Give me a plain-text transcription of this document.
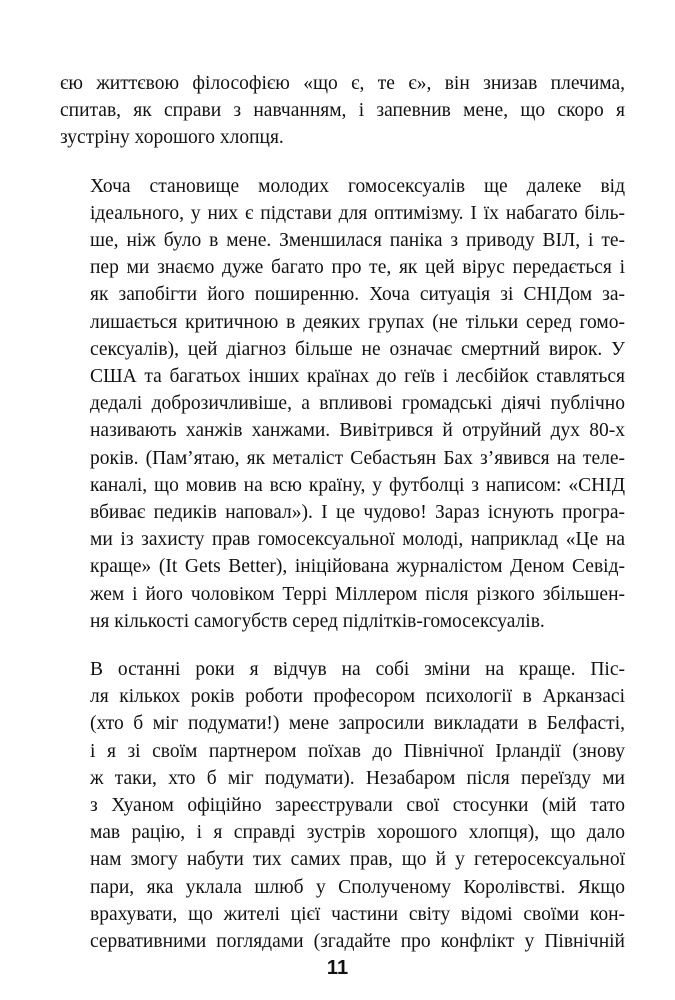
єю життєвою філософією «що є, те є», він знизав плечима,
спитав, як справи з навчанням, і запевнив мене, що скоро я
зустріну хорошого хлопця.

Хоча становище молодих гомосексуалів ще далеке від
ідеального, у них є підстави для оптимізму. І їх набагато біль-
ше, ніж було в мене. Зменшилася паніка з приводу ВІЛ, і те-
пер ми знаємо дуже багато про те, як цей вірус передається і
як запобігти його поширенню. Хоча ситуація зі СНІДом за-
лишається критичною в деяких групах (не тільки серед гомо-
сексуалів), цей діагноз більше не означає смертний вирок. У
США та багатьох інших країнах до геїв і лесбійок ставляться
дедалі доброзичливіше, а впливові громадські діячі публічно
називають ханжів ханжами. Вивітрився й отруйний дух 80-х
років. (Пам’ятаю, як металіст Себастьян Бах з’явився на теле-
каналі, що мовив на всю країну, у футболці з написом: «СНІД
вбиває педиків наповал»). І це чудово! Зараз існують програ-
ми із захисту прав гомосексуальної молоді, наприклад «Це на
краще» (It Gets Better), ініційована журналістом Деном Севід-
жем і його чоловіком Террі Міллером після різкого збільшен-
ня кількості самогубств серед підлітків-гомосексуалів.

В останні роки я відчув на собі зміни на краще. Піс-
ля кількох років роботи професором психології в Арканзасі
(хто б міг подумати!) мене запросили викладати в Белфасті,
і я зі своїм партнером поїхав до Північної Ірландії (знову
ж таки, хто б міг подумати). Незабаром після переїзду ми
з Хуаном офіційно зареєстрували свої стосунки (мій тато
мав рацію, і я справді зустрів хорошого хлопця), що дало
нам змогу набути тих самих прав, що й у гетеросексуальної
пари, яка уклала шлюб у Сполученому Королівстві. Якщо
врахувати, що жителі цієї частини світу відомі своїми кон-
сервативними поглядами (згадайте про конфлікт у Північній

11
